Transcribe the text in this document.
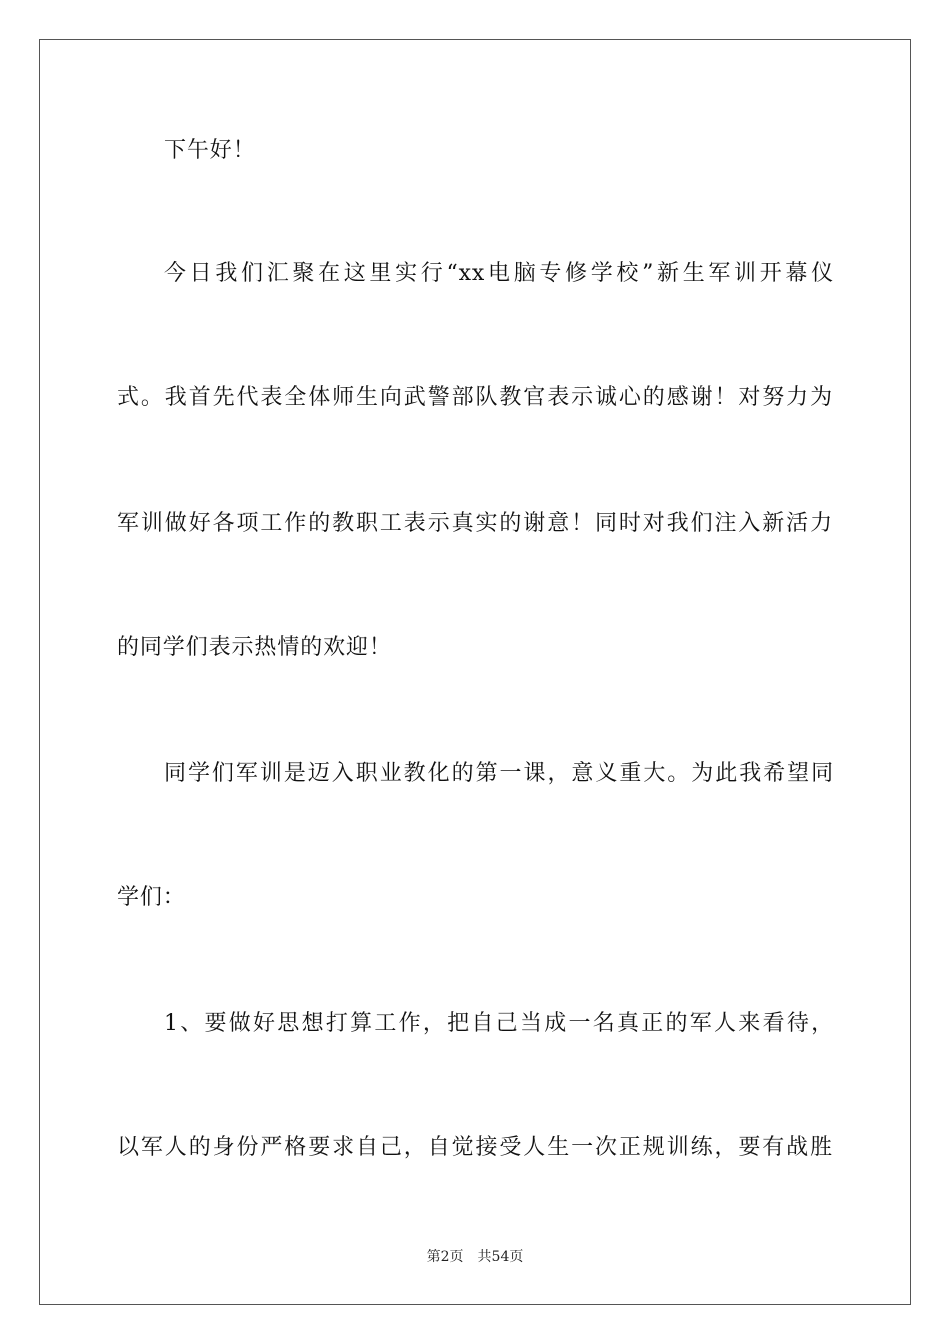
下午好！
今日我们汇聚在这里实行“xx电脑专修学校”新生军训开幕仪
式。我首先代表全体师生向武警部队教官表示诚心的感谢！对努力为
军训做好各项工作的教职工表示真实的谢意！同时对我们注入新活力
的同学们表示热情的欢迎！
同学们军训是迈入职业教化的第一课，意义重大。为此我希望同
学们：
1、要做好思想打算工作，把自己当成一名真正的军人来看待，
以军人的身份严格要求自己，自觉接受人生一次正规训练，要有战胜
第2页 共54页
